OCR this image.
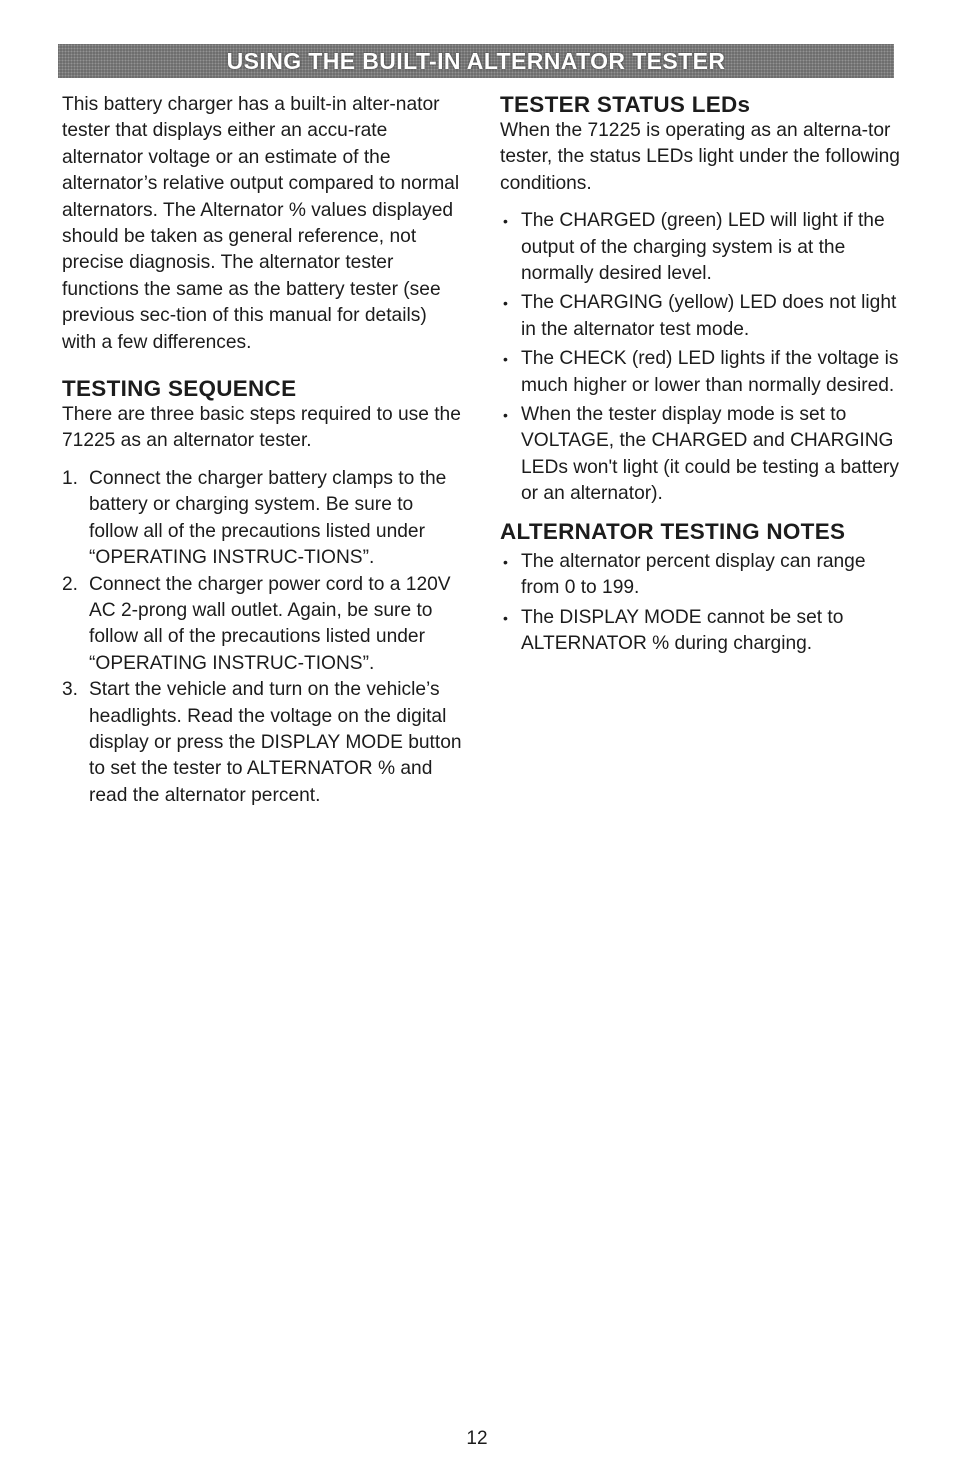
USING THE BUILT-IN ALTERNATOR TESTER

This battery charger has a built-in alter-nator tester that displays either an accu-rate alternator voltage or an estimate of the alternator’s relative output compared to normal alternators. The Alternator % values displayed should be taken as general reference, not precise diagnosis. The alternator tester functions the same as the battery tester (see previous sec-tion of this manual for details) with a few differences.

TESTING SEQUENCE

There are three basic steps required to use the 71225 as an alternator tester.

1. Connect the charger battery clamps to the battery or charging system. Be sure to follow all of the precautions listed under “OPERATING INSTRUC-TIONS”.
2. Connect the charger power cord to a 120V AC 2-prong wall outlet. Again, be sure to follow all of the precautions listed under “OPERATING INSTRUC-TIONS”.
3. Start the vehicle and turn on the vehicle’s headlights. Read the voltage on the digital display or press the DISPLAY MODE button to set the tester to ALTERNATOR % and read the alternator percent.
TESTER STATUS LEDs

When the 71225 is operating as an alterna-tor tester, the status LEDs light under the following conditions.

• The CHARGED (green) LED will light if the output of the charging system is at the normally desired level.
• The CHARGING (yellow) LED does not light in the alternator test mode.
• The CHECK (red) LED lights if the voltage is much higher or lower than normally desired.
• When the tester display mode is set to VOLTAGE, the CHARGED and CHARGING LEDs won't light (it could be testing a battery or an alternator).
ALTERNATOR TESTING NOTES
• The alternator percent display can range from 0 to 199.
• The DISPLAY MODE cannot be set to ALTERNATOR % during charging.
12
